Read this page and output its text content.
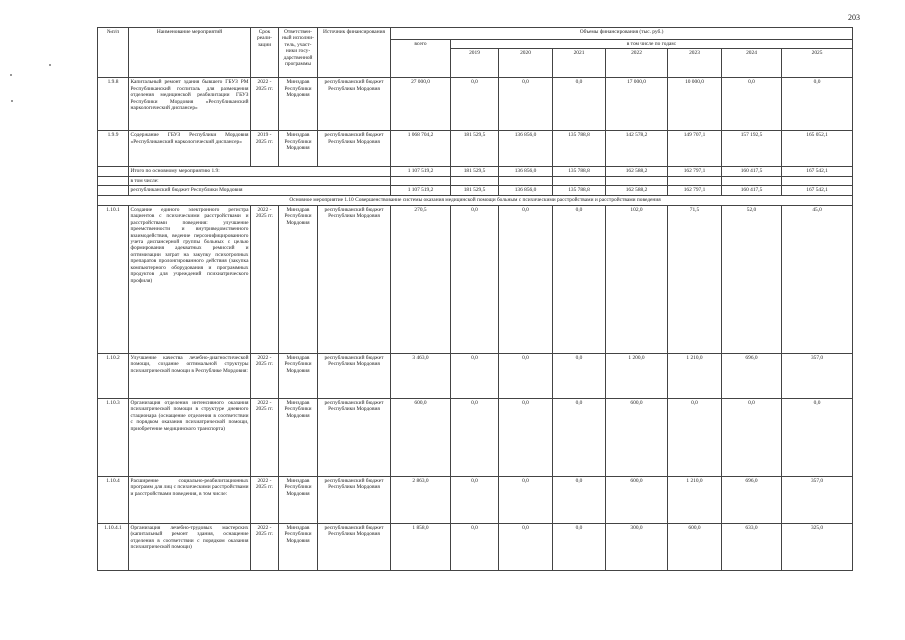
203
№п/п	Наименование мероприятий	Срок реали-зации	Ответствен-ный исполни-тель, участ-ники госу-дарственной программы	Источник финансирования	Объемы финансирования (тыс. руб.)							
					всего	в том числе по годам:						
						2019	2020	2021	2022	2023	2024	2025
1.9.8	Капитальный ремонт здания бывшего ГБУЗ РМ Республиканский госпиталь для размещения отделения медицинской реабилитации ГБУЗ Республики Мордовия «Республиканский наркологический диспансер»	2022 - 2025 гг.	Минздрав Республики Мордовия	республиканский бюджет Республики Мордовия	27 000,0	0,0	0,0	0,0	17 000,0	10 000,0	0,0	0,0
1.9.9	Содержание ГБУЗ Республики Мордовия «Республиканский наркологический диспансер»	2019 - 2025 гг.	Минздрав Республики Мордовия	республиканский бюджет Республики Мордовия	1 068 704,2	181 529,5	136 856,0	135 788,8	142 578,2	149 707,1	157 192,5	165 052,1
	Итого по основному мероприятию 1.9:				1 107 519,2	181 529,5	136 856,0	135 788,8	162 588,2	162 797,1	160 417,5	167 542,1
	в том числе:											
	республиканский бюджет Республики Мордовия				1 107 519,2	181 529,5	136 856,0	135 788,8	162 588,2	162 797,1	160 417,5	167 542,1
Основное мероприятие 1.10 Совершенствование системы оказания медицинской помощи больным с психическими расстройствами и расстройствами поведения												
1.10.1	Создание единого электронного регистра пациентов с психическими расстройствами и расстройствами поведения: улучшение преемственности и внутриведомственного взаимодействия, ведение персонифицированного учета диспансерной группы больных с целью формирования адекватных ремиссий и оптимизации затрат на закупку психотропных препаратов пролонгированного действия (закупка компьютерного оборудования и программных продуктов для учреждений психиатрического профиля)	2022 - 2025 гг.	Минздрав Республики Мордовия	республиканский бюджет Республики Мордовия	270,5	0,0	0,0	0,0	102,0	71,5	52,0	45,0
1.10.2	Улучшение качества лечебно-диагностической помощи, создание оптимальной структуры психиатрической помощи в Республике Мордовия:	2022 - 2025 гг.	Минздрав Республики Мордовия	республиканский бюджет Республики Мордовия	3 463,0	0,0	0,0	0,0	1 200,0	1 210,0	696,0	357,0
1.10.3	Организация отделения интенсивного оказания психиатрической помощи в структуре дневного стационара (оснащение отделения в соответствии с порядком оказания психиатрической помощи, приобретение медицинского транспорта)	2022 - 2025 гг.	Минздрав Республики Мордовия	республиканский бюджет Республики Мордовия	600,0	0,0	0,0	0,0	600,0	0,0	0,0	0,0
1.10.4	Расширение социально-реабилитационных программ для лиц с психическими расстройствами и расстройствами поведения, в том числе:	2022 - 2025 гг.	Минздрав Республики Мордовия	республиканский бюджет Республики Мордовия	2 863,0	0,0	0,0	0,0	600,0	1 210,0	696,0	357,0
1.10.4.1	Организация лечебно-трудовых мастерских (капитальный ремонт здания, оснащение отделения в соответствии с порядком оказания психиатрической помощи)	2022 - 2025 гг.	Минздрав Республики Мордовия	республиканский бюджет Республики Мордовия	1 858,0	0,0	0,0	0,0	300,0	600,0	633,0	325,0
